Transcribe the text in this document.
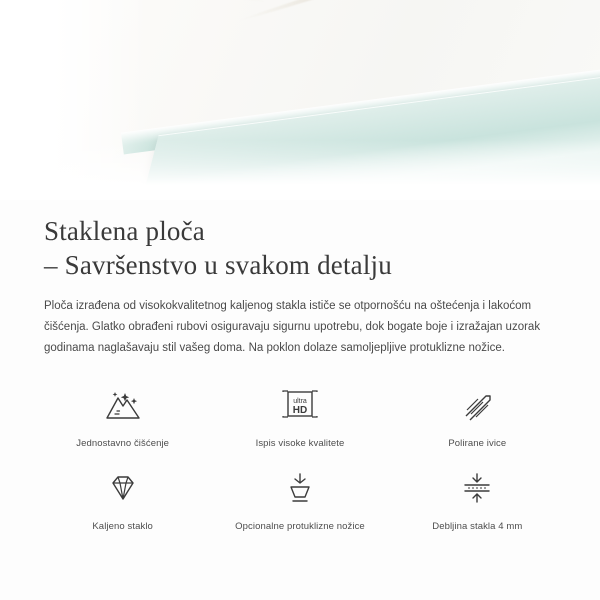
Staklena ploča
– Savršenstvo u svakom detalju

Ploča izrađena od visokokvalitetnog kaljenog stakla ističe se otpornošću na oštećenja i lakoćom čišćenja. Glatko obrađeni rubovi osiguravaju sigurnu upotrebu, dok bogate boje i izražajan uzorak godinama naglašavaju stil vašeg doma. Na poklon dolaze samoljepljive protuklizne nožice.

Jednostavno čišćenje
ultra
HD
Ispis visoke kvalitete	Polirane ivice
Kaljeno staklo	Opcionalne protuklizne nožice	Debljina stakla 4 mm
